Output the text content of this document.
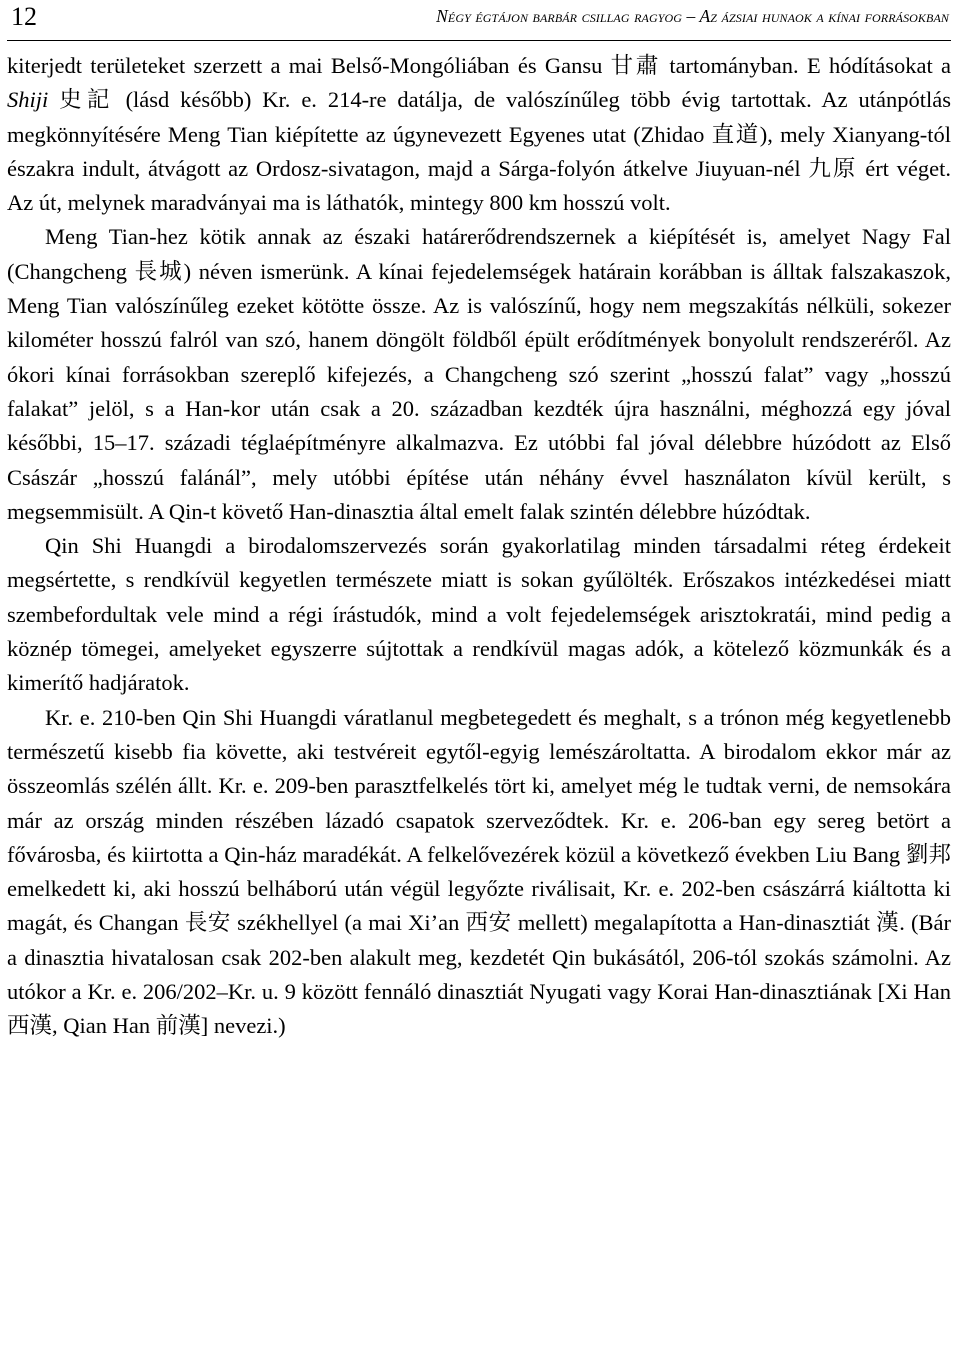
12	Négy égtájon barbár csillag ragyog – Az ázsiai hunaok a kínai forrásokban

kiterjedt területeket szerzett a mai Belső-Mongóliában és Gansu 甘肅 tartományban. E hódításokat a Shiji 史記 (lásd később) Kr. e. 214-re datálja, de valószínűleg több évig tartottak. Az utánpótlás megkönnyítésére Meng Tian kiépítette az úgynevezett Egyenes utat (Zhidao 直道), mely Xianyang-tól északra indult, átvágott az Ordosz-sivatagon, majd a Sárga-folyón átkelve Jiuyuan-nél 九原 ért véget. Az út, melynek maradványai ma is láthatók, mintegy 800 km hosszú volt.

Meng Tian-hez kötik annak az északi határerődrendszernek a kiépítését is, amelyet Nagy Fal (Changcheng 長城) néven ismerünk. A kínai fejedelemségek határain korábban is álltak falszakaszok, Meng Tian valószínűleg ezeket kötötte össze. Az is valószínű, hogy nem megszakítás nélküli, sokezer kilométer hosszú falról van szó, hanem döngölt földből épült erődítmények bonyolult rendszeréről. Az ókori kínai forrásokban szereplő kifejezés, a Changcheng szó szerint „hosszú falat” vagy „hosszú falakat” jelöl, s a Han-kor után csak a 20. században kezdték újra használni, méghozzá egy jóval későbbi, 15–17. századi téglaépítményre alkalmazva. Ez utóbbi fal jóval délebbre húzódott az Első Császár „hosszú falánál”, mely utóbbi építése után néhány évvel használaton kívül került, s megsemmisült. A Qin-t követő Han-dinasztia által emelt falak szintén délebbre húzódtak.

Qin Shi Huangdi a birodalomszervezés során gyakorlatilag minden társadalmi réteg érdekeit megsértette, s rendkívül kegyetlen természete miatt is sokan gyűlölték. Erőszakos intézkedései miatt szembefordultak vele mind a régi írástudók, mind a volt fejedelemségek arisztokratái, mind pedig a köznép tömegei, amelyeket egyszerre sújtottak a rendkívül magas adók, a kötelező közmunkák és a kimerítő hadjáratok.

Kr. e. 210-ben Qin Shi Huangdi váratlanul megbetegedett és meghalt, s a trónon még kegyetlenebb természetű kisebb fia követte, aki testvéreit egytől-egyig lemészároltatta. A birodalom ekkor már az összeomlás szélén állt. Kr. e. 209-ben parasztfelkelés tört ki, amelyet még le tudtak verni, de nemsokára már az ország minden részében lázadó csapatok szerveződtek. Kr. e. 206-ban egy sereg betört a fővárosba, és kiirtotta a Qin-ház maradékát. A felkelővezérek közül a következő években Liu Bang 劉邦 emelkedett ki, aki hosszú belháború után végül legyőzte riválisait, Kr. e. 202-ben császárrá kiáltotta ki magát, és Changan 長安 székhellyel (a mai Xi’an 西安 mellett) megalapította a Han-dinasztiát 漢. (Bár a dinasztia hivatalosan csak 202-ben alakult meg, kezdetét Qin bukásától, 206-tól szokás számolni. Az utókor a Kr. e. 206/202–Kr. u. 9 között fennáló dinasztiát Nyugati vagy Korai Han-dinasztiának [Xi Han 西漢, Qian Han 前漢] nevezi.)
